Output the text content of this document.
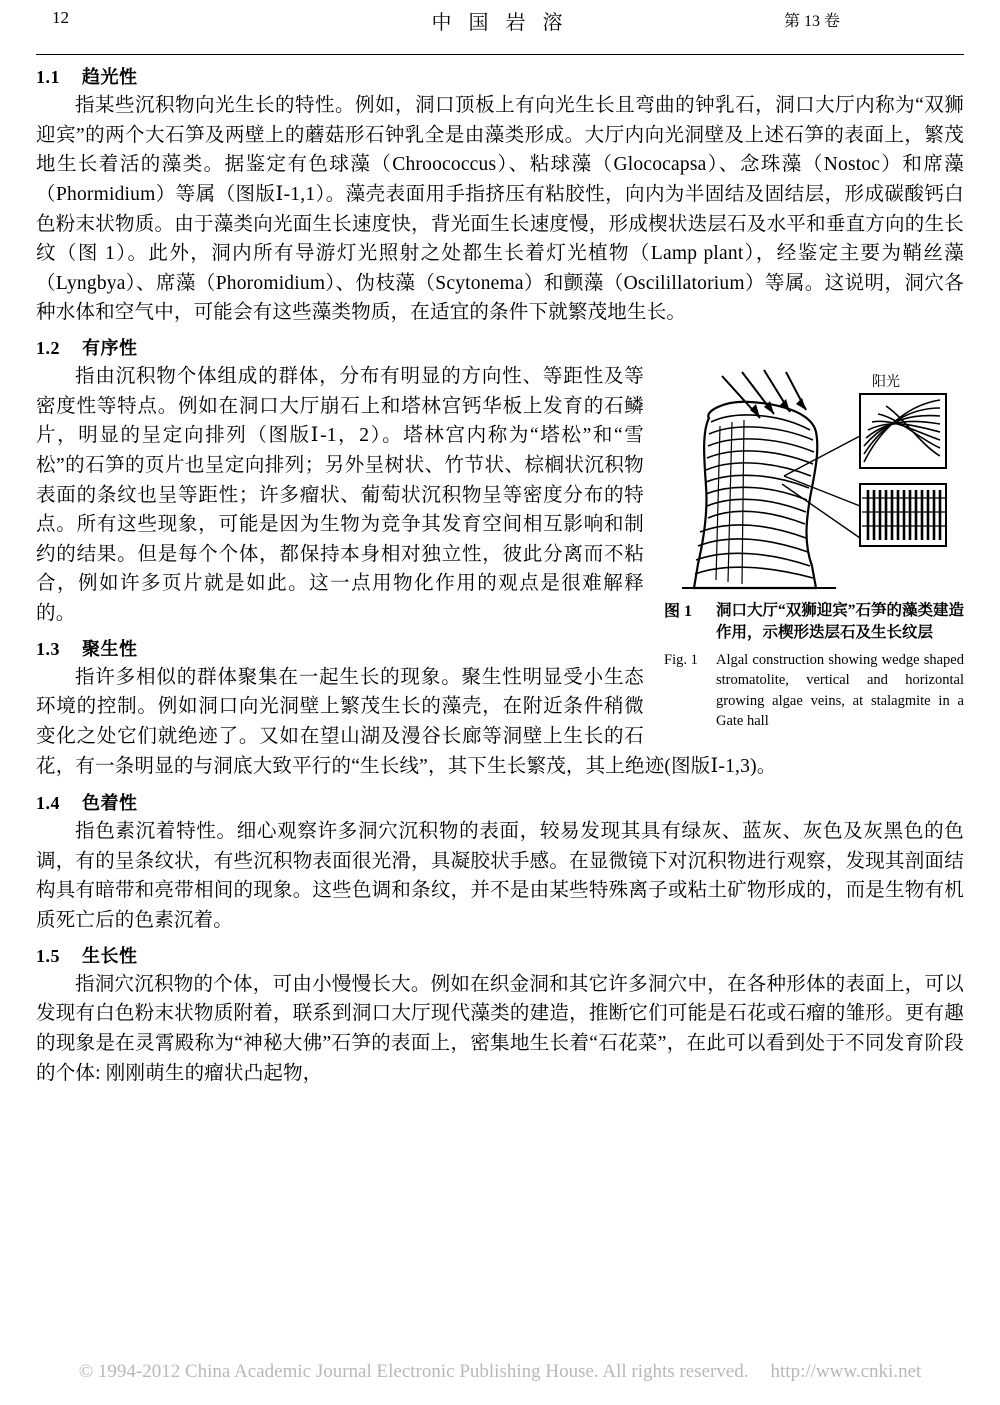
12	中 国 岩 溶	第 13 卷
1.1 趋光性

指某些沉积物向光生长的特性。例如，洞口顶板上有向光生长且弯曲的钟乳石，洞口大厅内称为“双狮迎宾”的两个大石笋及两壁上的蘑菇形石钟乳全是由藻类形成。大厅内向光洞壁及上述石笋的表面上，繁茂地生长着活的藻类。据鉴定有色球藻（Chroococcus）、粘球藻（Glococapsa）、念珠藻（Nostoc）和席藻（Phormidium）等属（图版Ⅰ-1,1）。藻壳表面用手指挤压有粘胶性，向内为半固结及固结层，形成碳酸钙白色粉末状物质。由于藻类向光面生长速度快，背光面生长速度慢，形成楔状迭层石及水平和垂直方向的生长纹（图 1）。此外，洞内所有导游灯光照射之处都生长着灯光植物（Lamp plant），经鉴定主要为鞘丝藻（Lyngbya）、席藻（Phoromidium）、伪枝藻（Scytonema）和颤藻（Oscilillatorium）等属。这说明，洞穴各种水体和空气中，可能会有这些藻类物质，在适宜的条件下就繁茂地生长。

1.2 有序性
阳光
图 1 洞口大厅“双狮迎宾”石笋的藻类建造作用，示楔形迭层石及生长纹层
Fig. 1 Algal construction showing wedge shaped stromatolite, vertical and horizontal growing algae veins, at stalagmite in a Gate hall

指由沉积物个体组成的群体，分布有明显的方向性、等距性及等密度性等特点。例如在洞口大厅崩石上和塔林宫钙华板上发育的石鳞片，明显的呈定向排列（图版Ⅰ-1，2）。塔林宫内称为“塔松”和“雪松”的石笋的页片也呈定向排列；另外呈树状、竹节状、棕榈状沉积物表面的条纹也呈等距性；许多瘤状、葡萄状沉积物呈等密度分布的特点。所有这些现象，可能是因为生物为竞争其发育空间相互影响和制约的结果。但是每个个体，都保持本身相对独立性，彼此分离而不粘合，例如许多页片就是如此。这一点用物化作用的观点是很难解释的。

1.3 聚生性

指许多相似的群体聚集在一起生长的现象。聚生性明显受小生态环境的控制。例如洞口向光洞壁上繁茂生长的藻壳，在附近条件稍微变化之处它们就绝迹了。又如在望山湖及漫谷长廊等洞壁上生长的石花，有一条明显的与洞底大致平行的“生长线”，其下生长繁茂，其上绝迹(图版Ⅰ-1,3)。

1.4 色着性

指色素沉着特性。细心观察许多洞穴沉积物的表面，较易发现其具有绿灰、蓝灰、灰色及灰黑色的色调，有的呈条纹状，有些沉积物表面很光滑，具凝胶状手感。在显微镜下对沉积物进行观察，发现其剖面结构具有暗带和亮带相间的现象。这些色调和条纹，并不是由某些特殊离子或粘土矿物形成的，而是生物有机质死亡后的色素沉着。

1.5 生长性

指洞穴沉积物的个体，可由小慢慢长大。例如在织金洞和其它许多洞穴中，在各种形体的表面上，可以发现有白色粉末状物质附着，联系到洞口大厅现代藻类的建造，推断它们可能是石花或石瘤的雏形。更有趣的现象是在灵霄殿称为“神秘大佛”石笋的表面上，密集地生长着“石花菜”，在此可以看到处于不同发育阶段的个体: 刚刚萌生的瘤状凸起物，

© 1994-2012 China Academic Journal Electronic Publishing House. All rights reserved. http://www.cnki.net
